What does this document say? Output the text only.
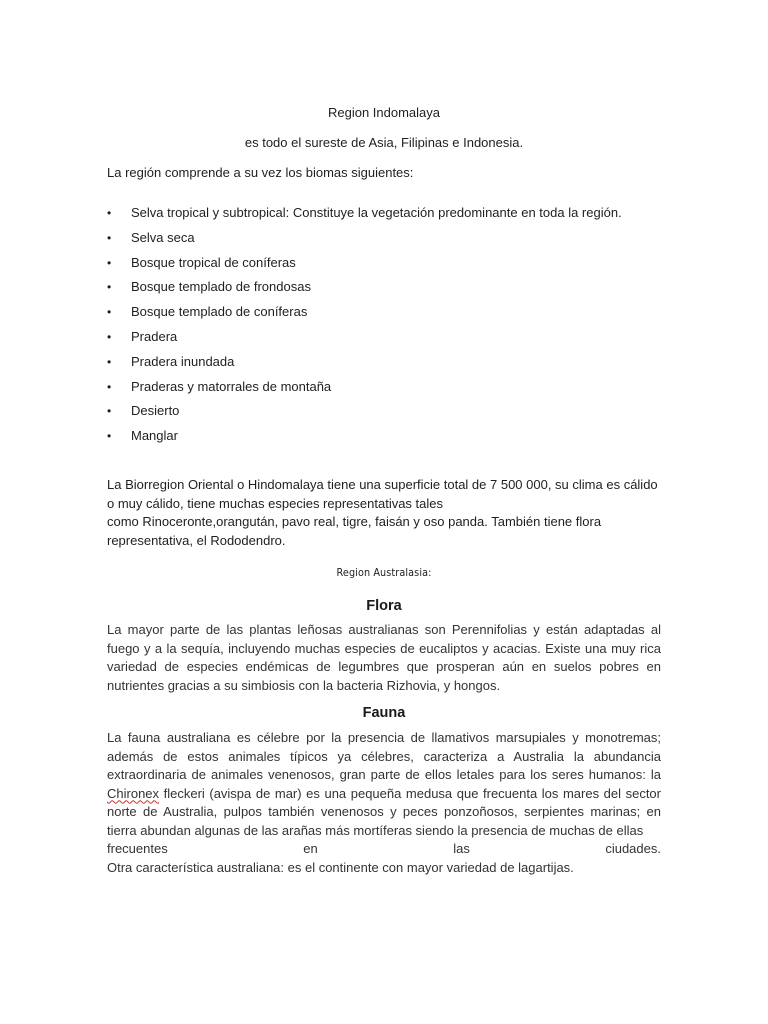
Region Indomalaya

es todo el sureste de Asia, Filipinas e Indonesia.

La región comprende a su vez los biomas siguientes:

•	Selva tropical y subtropical: Constituye la vegetación predominante en toda la región.
•	Selva seca
•	Bosque tropical de coníferas
•	Bosque templado de frondosas
•	Bosque templado de coníferas
•	Pradera
•	Pradera inundada
•	Praderas y matorrales de montaña
•	Desierto
•	Manglar

La Biorregion Oriental o Hindomalaya tiene una superficie total de 7 500 000, su clima es cálido o muy cálido, tiene muchas especies representativas tales
como Rinoceronte,orangután, pavo real, tigre, faisán y oso panda. También tiene flora representativa, el Rododendro.

Region Australasia:

Flora

La mayor parte de las plantas leñosas australianas son Perennifolias y están adaptadas al fuego y a la sequía, incluyendo muchas especies de eucaliptos y acacias. Existe una muy rica variedad de especies endémicas de legumbres que prosperan aún en suelos pobres en nutrientes gracias a su simbiosis con la bacteria Rizhovia, y hongos.

Fauna

La fauna australiana es célebre por la presencia de llamativos marsupiales y monotremas; además de estos animales típicos ya célebres, caracteriza a Australia la abundancia extraordinaria de animales venenosos, gran parte de ellos letales para los seres humanos: la Chironex fleckeri (avispa de mar) es una pequeña medusa que frecuenta los mares del sector norte de Australia, pulpos también venenosos y peces ponzoñosos, serpientes marinas; en tierra abundan algunas de las arañas más mortíferas siendo la presencia de muchas de ellas
frecuentes en las ciudades.
Otra característica australiana: es el continente con mayor variedad de lagartijas.
